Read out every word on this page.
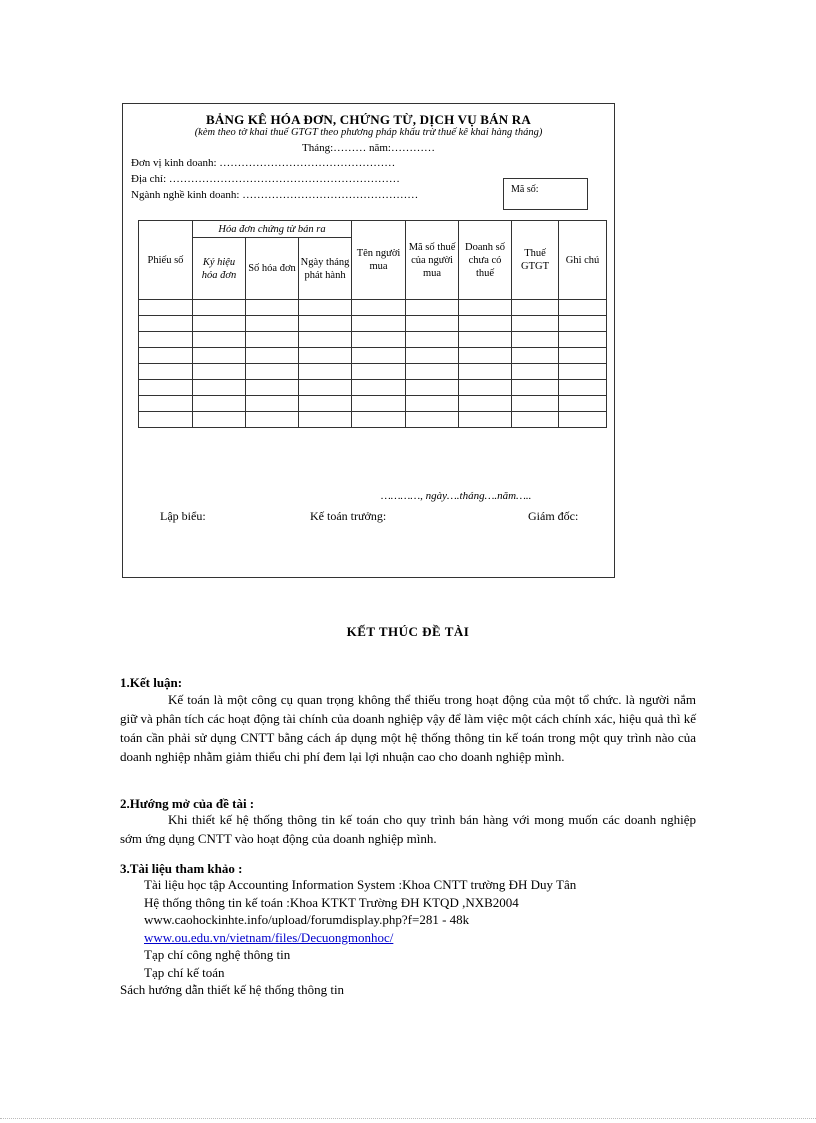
BẢNG KÊ HÓA ĐƠN, CHỨNG TỪ, DỊCH VỤ BÁN RA
(kèm theo tờ khai thuế GTGT theo phương pháp khấu trừ thuế kê khai hàng tháng)
Tháng:……… năm:…………
Đơn vị kinh doanh: …………………………………………
Địa chỉ: ………………………………………………………
Ngành nghề kinh doanh: …………………………………………	Mã số:
Phiếu số	Hóa đơn chứng từ bán ra			Tên người mua	Mã số thuế của người mua	Doanh số chưa có thuế	Thuế GTGT	Ghi chú
	Ký hiệu hóa đơn	Số hóa đơn	Ngày tháng phát hành					

…………, ngày….tháng….năm…..
Lập biểu:	Kế toán trưởng:	Giám đốc:
KẾT THÚC ĐỀ TÀI
1.Kết luận:

Kế toán là một công cụ quan trọng không thể thiếu trong hoạt động của một tổ chức. là người nắm giữ và phân tích các hoạt động tài chính của doanh nghiệp vậy để làm việc một cách chính xác, hiệu quả thì kế toán cần phải sử dụng CNTT bằng cách áp dụng một hệ thống thông tin kế toán trong một quy trình nào của doanh nghiệp nhằm giảm thiểu chi phí đem lại lợi nhuận cao cho doanh nghiệp mình.

2.Hướng mở của đề tài :

Khi thiết kế hệ thống thông tin kế toán cho quy trình bán hàng với mong muốn các doanh nghiệp sớm ứng dụng CNTT vào hoạt động của doanh nghiệp mình.

3.Tài liệu tham khảo :
Tài liệu học tập Accounting Information System :Khoa CNTT trường ĐH Duy Tân
Hệ thống thông tin kế toán :Khoa KTKT Trường ĐH KTQD ,NXB2004
www.caohockinhte.info/upload/forumdisplay.php?f=281 - 48k
www.ou.edu.vn/vietnam/files/Decuongmonhoc/
Tạp chí công nghệ thông tin
Tạp chí kế toán
Sách hướng dẫn thiết kế hệ thống thông tin
